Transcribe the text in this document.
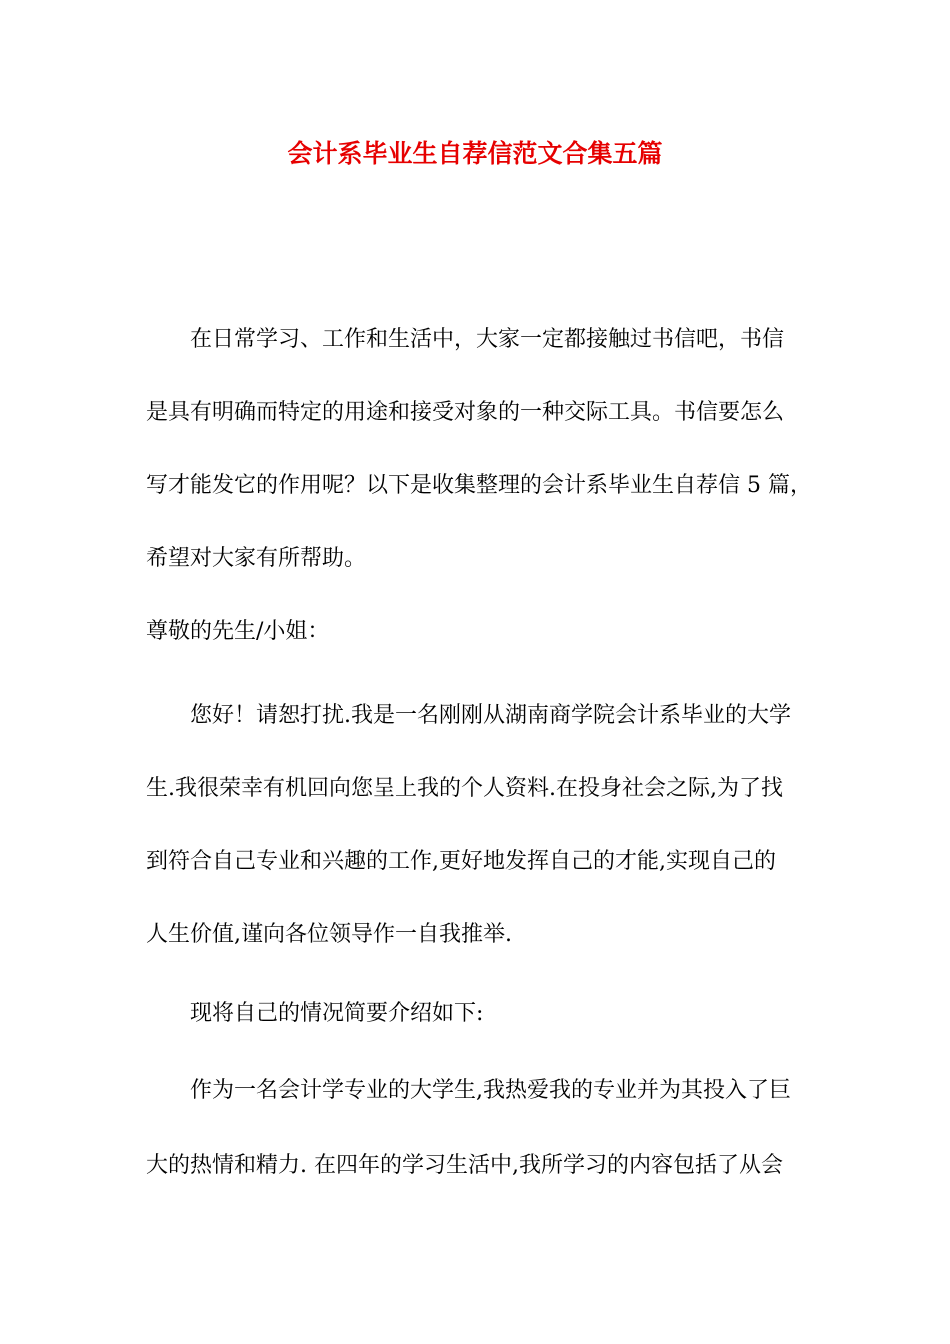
会计系毕业生自荐信范文合集五篇

在日常学习、工作和生活中，大家一定都接触过书信吧，书信

是具有明确而特定的用途和接受对象的一种交际工具。书信要怎么

写才能发它的作用呢？以下是收集整理的会计系毕业生自荐信 5 篇，

希望对大家有所帮助。

尊敬的先生/小姐：

您好！请恕打扰.我是一名刚刚从湖南商学院会计系毕业的大学

生.我很荣幸有机回向您呈上我的个人资料.在投身社会之际,为了找

到符合自己专业和兴趣的工作,更好地发挥自己的才能,实现自己的

人生价值,谨向各位领导作一自我推举.

现将自己的情况简要介绍如下:

作为一名会计学专业的大学生,我热爱我的专业并为其投入了巨

大的热情和精力. 在四年的学习生活中,我所学习的内容包括了从会
